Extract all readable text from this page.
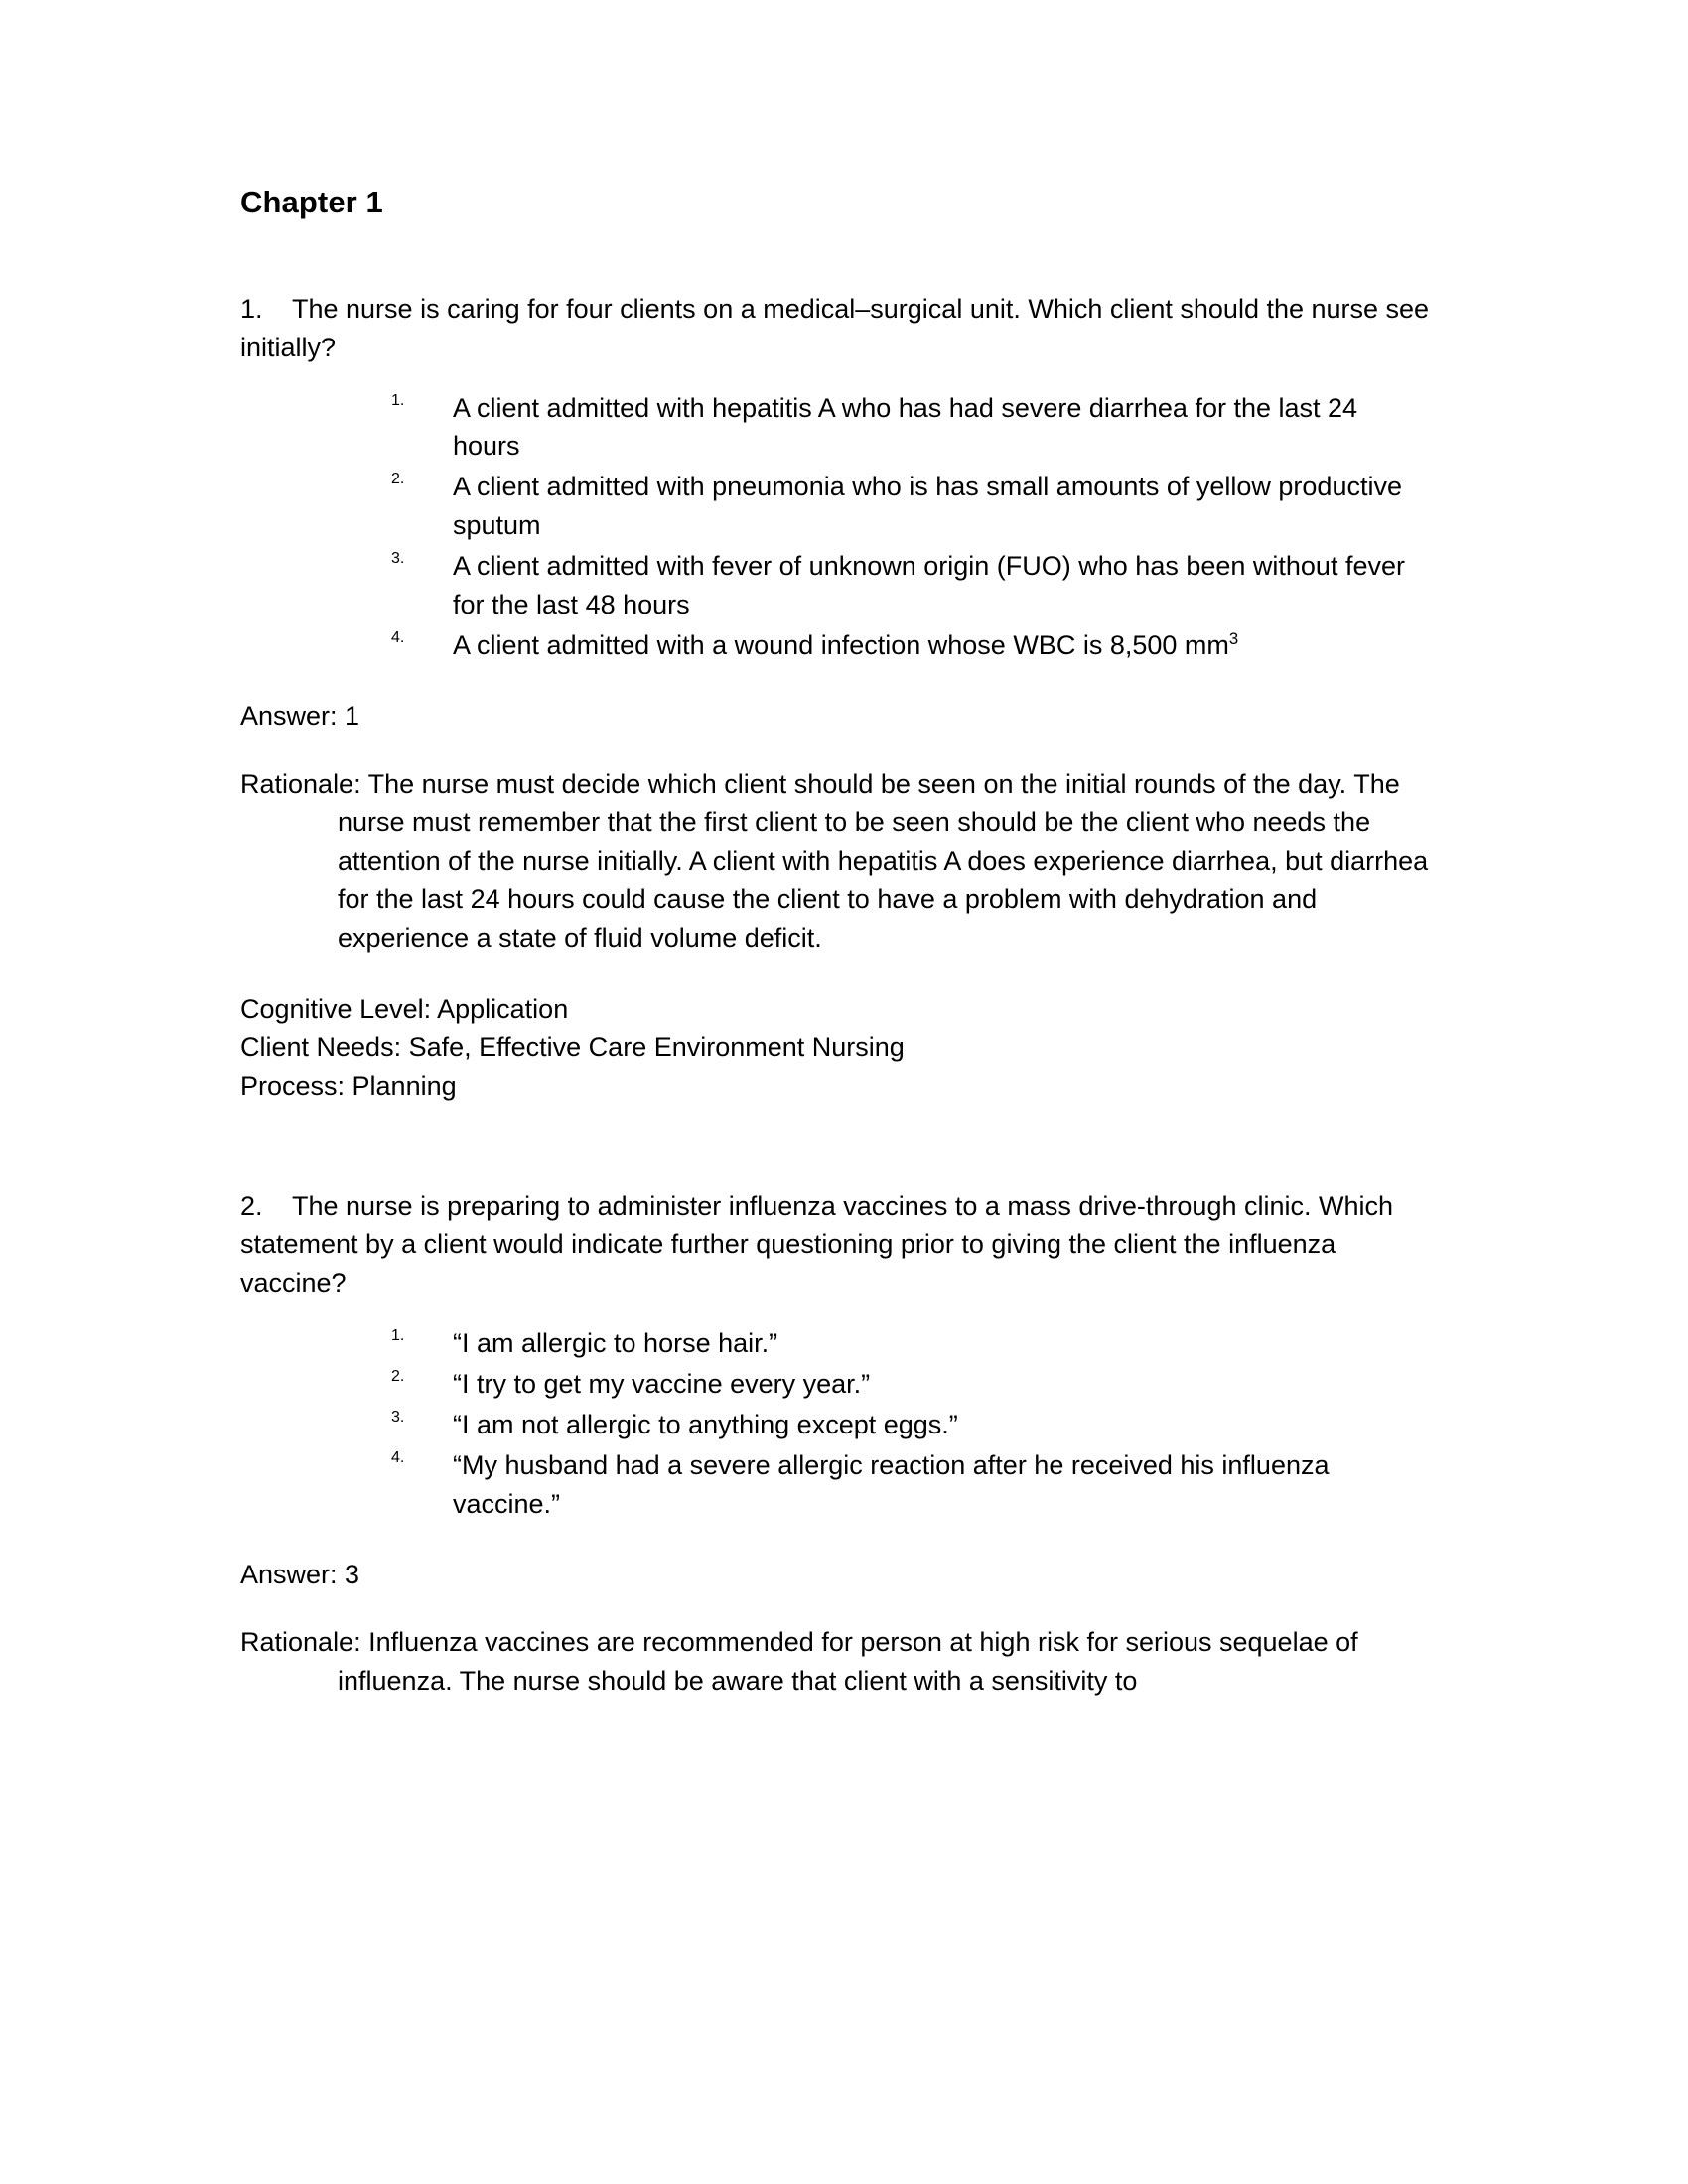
Chapter 1

1. The nurse is caring for four clients on a medical–surgical unit. Which client should the nurse see initially?

1. A client admitted with hepatitis A who has had severe diarrhea for the last 24 hours
2. A client admitted with pneumonia who is has small amounts of yellow productive sputum
3. A client admitted with fever of unknown origin (FUO) who has been without fever for the last 48 hours
4. A client admitted with a wound infection whose WBC is 8,500 $mm^3$

Answer: 1

Rationale: The nurse must decide which client should be seen on the initial rounds of the day. The nurse must remember that the first client to be seen should be the client who needs the attention of the nurse initially. A client with hepatitis A does experience diarrhea, but diarrhea for the last 24 hours could cause the client to have a problem with dehydration and experience a state of fluid volume deficit.

Cognitive Level: Application

Client Needs: Safe, Effective Care Environment Nursing

Process: Planning

2. The nurse is preparing to administer influenza vaccines to a mass drive-through clinic. Which statement by a client would indicate further questioning prior to giving the client the influenza vaccine?

1. “I am allergic to horse hair.”
2. “I try to get my vaccine every year.”
3. “I am not allergic to anything except eggs.”
4. “My husband had a severe allergic reaction after he received his influenza vaccine.”

Answer: 3

Rationale: Influenza vaccines are recommended for person at high risk for serious sequelae of influenza. The nurse should be aware that client with a sensitivity to
